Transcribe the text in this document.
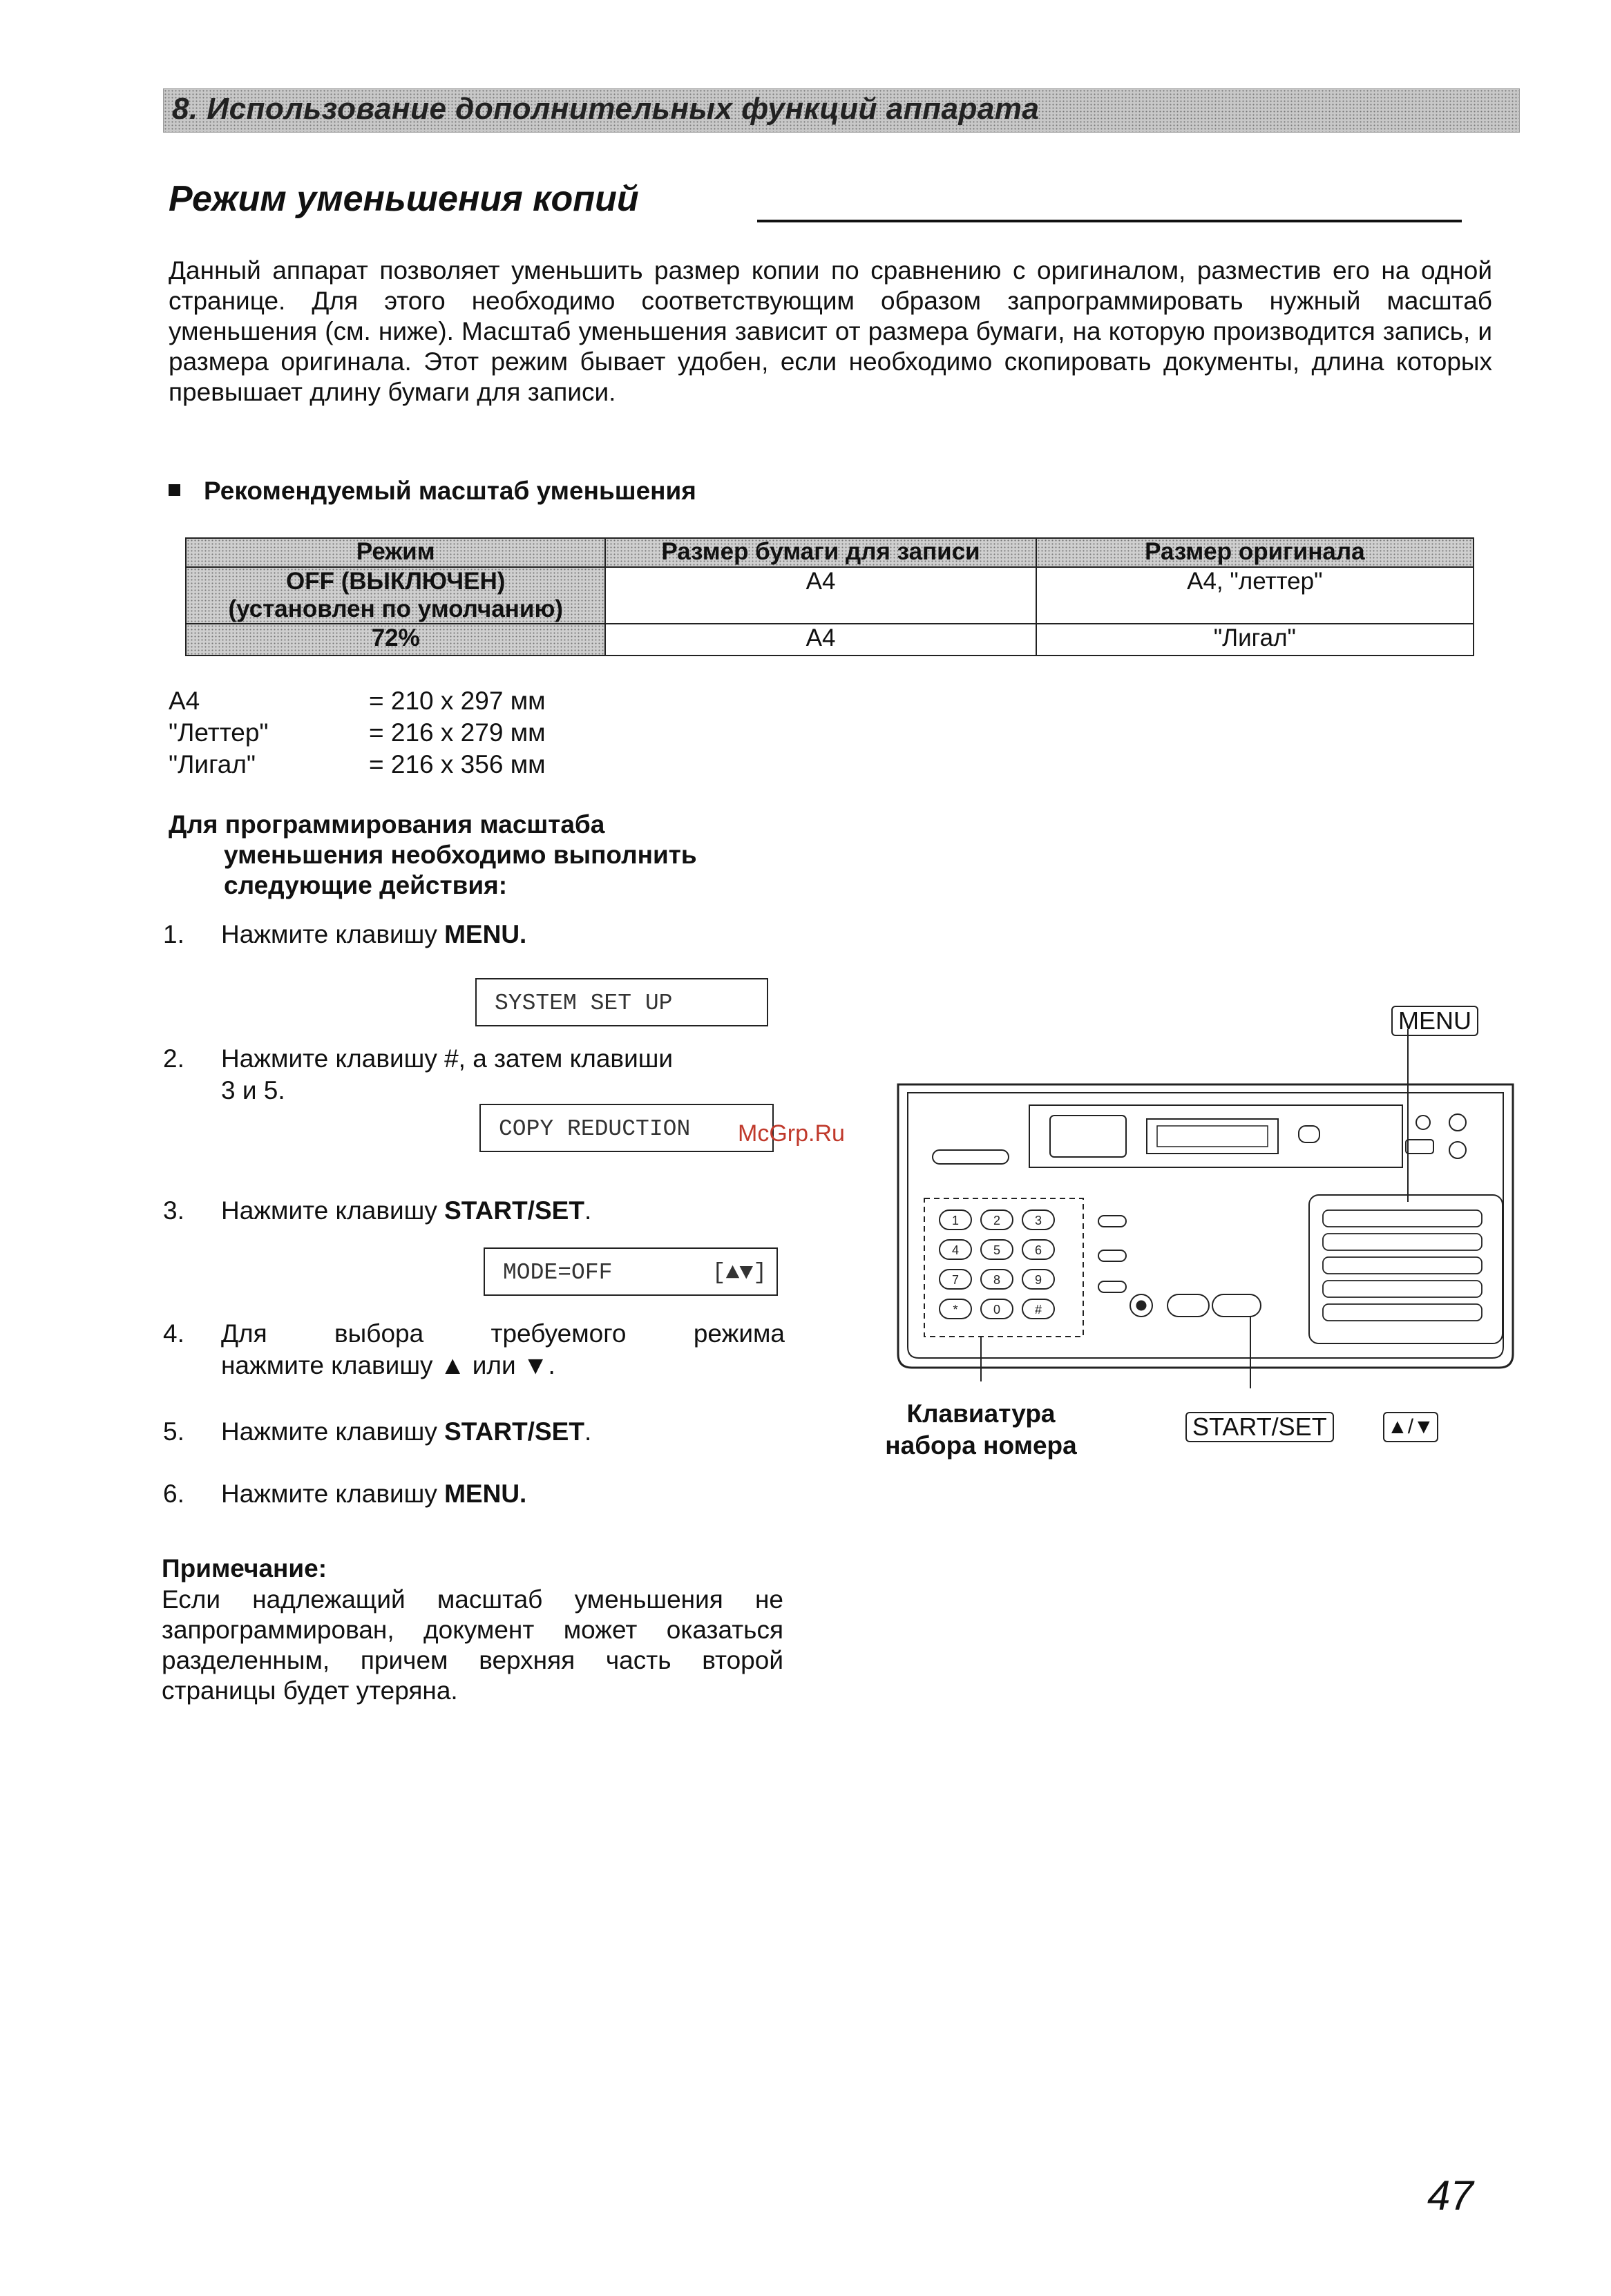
8. Использование дополнительных функций аппарата
Режим уменьшения копий
Данный аппарат позволяет уменьшить размер копии по сравнению с оригиналом, разместив его на одной странице. Для этого необходимо соответствующим образом запрограммировать нужный масштаб уменьшения (см. ниже). Масштаб уменьшения зависит от размера бумаги, на которую производится запись, и размера оригинала. Этот режим бывает удобен, если необходимо скопировать документы, длина которых превышает длину бумаги для записи.
Рекомендуемый масштаб уменьшения
Режим	Размер бумаги для записи	Размер оригинала

OFF (ВЫКЛЮЧЕН)
(установлен по умолчанию)	A4	A4, "леттер"
72%	A4	"Лигал"
A4	= 210 x 297 мм
"Леттер"	= 216 x 279 мм
"Лигал"	= 216 x 356 мм
Для программирования масштаба
уменьшения необходимо выполнить
следующие действия:
1. Нажмите клавишу MENU.
SYSTEM SET UP
2. Нажмите клавишу #, а затем клавиши
3 и 5.
COPY REDUCTION	McGrp.Ru
3. Нажмите клавишу START/SET.
MODE=OFF	[▲▼]
4. Для выбора требуемого режима
нажмите клавишу ▲ или ▼.
5. Нажмите клавишу START/SET.
6. Нажмите клавишу MENU.
Примечание:
Если надлежащий масштаб уменьшения не запрограммирован, документ может оказаться разделенным, причем верхняя часть второй страницы будет утеряна.
MENU
1	2	3
4	5	6
7	8	9
*	0	#
Клавиатура
набора номера
START/SET	▲/▼
47
